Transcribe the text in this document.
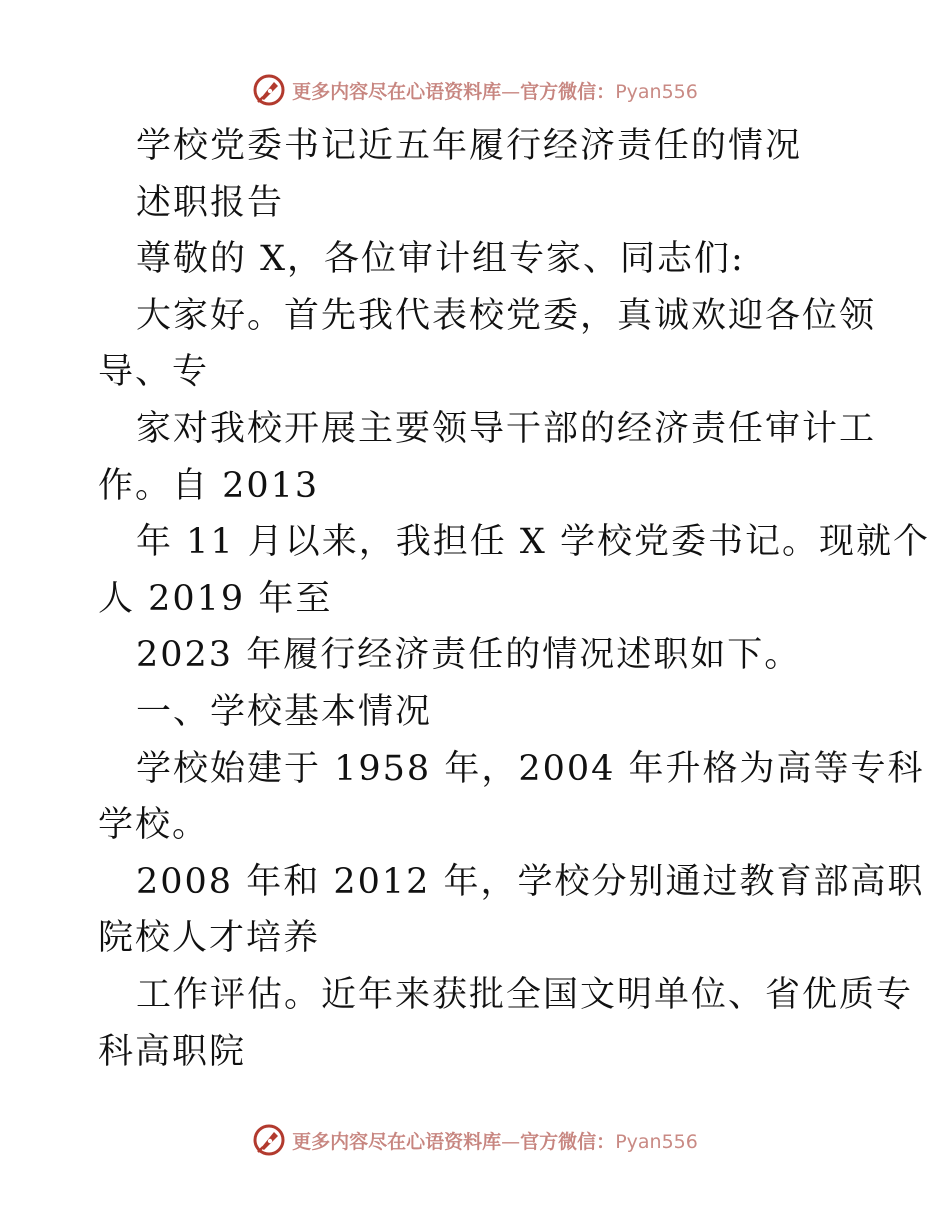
更多内容尽在心语资料库—官方微信：Pyan556
学校党委书记近五年履行经济责任的情况
述职报告
尊敬的 X，各位审计组专家、同志们:
大家好。首先我代表校党委，真诚欢迎各位领
导、专
家对我校开展主要领导干部的经济责任审计工
作。自 2013
年 11 月以来，我担任 X 学校党委书记。现就个
人 2019 年至
2023 年履行经济责任的情况述职如下。
一、学校基本情况
学校始建于 1958 年，2004 年升格为高等专科
学校。
2008 年和 2012 年，学校分别通过教育部高职
院校人才培养
工作评估。近年来获批全国文明单位、省优质专
科高职院
更多内容尽在心语资料库—官方微信：Pyan556
